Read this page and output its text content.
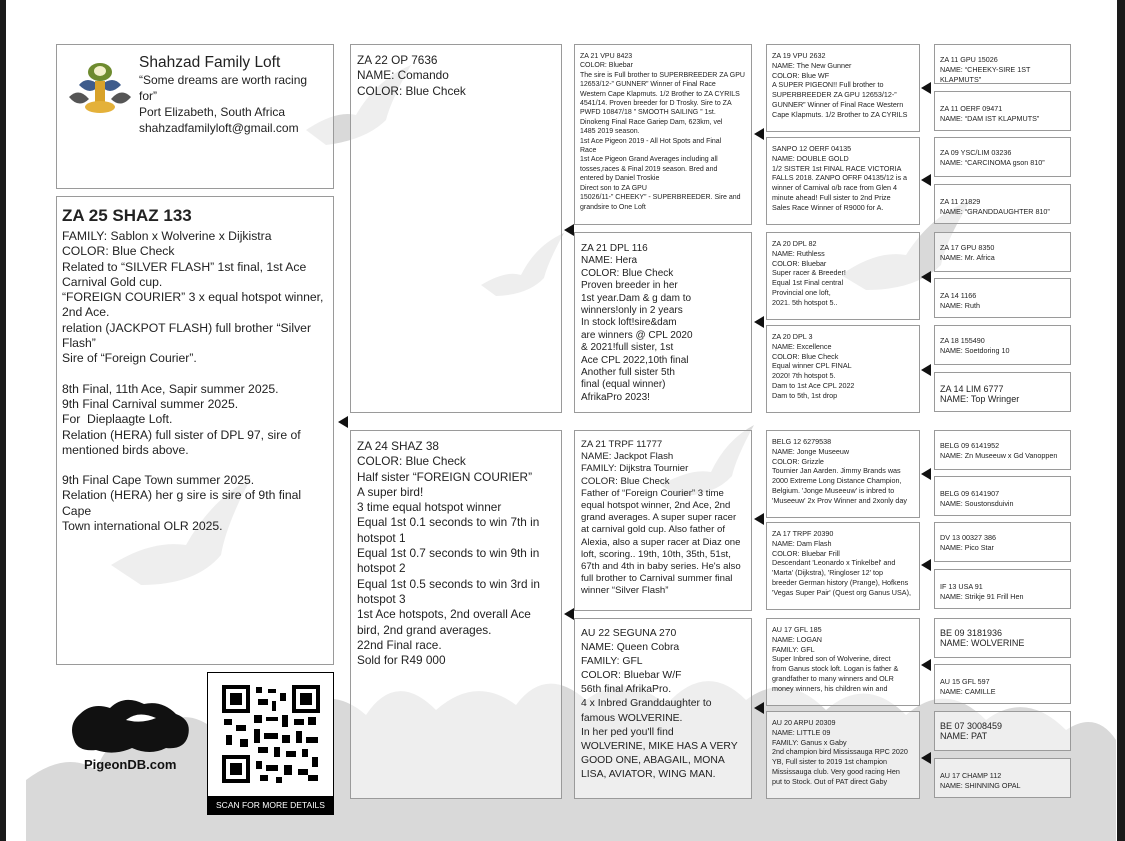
Shahzad Family Loft
“Some dreams are worth racing
for”
Port Elizabeth, South Africa
shahzadfamilyloft@gmail.com
ZA 25 SHAZ 133
FAMILY: Sablon x Wolverine x Dijkistra
COLOR: Blue Check
Related to “SILVER FLASH” 1st final, 1st Ace
Carnival Gold cup.
“FOREIGN COURIER” 3 x equal hotspot winner,
2nd Ace.
relation (JACKPOT FLASH) full brother “Silver
Flash”
Sire of “Foreign Courier”.
8th Final, 11th Ace, Sapir summer 2025.
9th Final Carnival summer 2025.
For  Dieplaagte Loft.
Relation (HERA) full sister of DPL 97, sire of
mentioned birds above.
9th Final Cape Town summer 2025.
Relation (HERA) her g sire is sire of 9th final Cape
Town international OLR 2025.
ZA 22 OP 7636
NAME: Comando
COLOR: Blue Chcek
ZA 24 SHAZ 38
COLOR: Blue Check
Half sister “FOREIGN COURIER”
A super bird!
3 time equal hotspot winner
Equal 1st 0.1 seconds to win 7th in
hotspot 1
Equal 1st 0.7 seconds to win 9th in
hotspot 2
Equal 1st 0.5 seconds to win 3rd in
hotspot 3
1st Ace hotspots, 2nd overall Ace
bird, 2nd grand averages.
22nd Final race.
Sold for R49 000
ZA 21 VPU 8423
COLOR: Bluebar
The sire is Full brother to SUPERBREEDER ZA GPU
12653/12-” GUNNER” Winner of Final Race
Western Cape Klapmuts. 1/2 Brother to ZA CYRILS
4541/14. Proven breeder for D Trosky. Sire to ZA
PWFD 10847/18 ” SMOOTH SAILING ” 1st.
Dinokeng Final Race Gariep Dam, 623km, vel
1485 2019 season.
1st Ace Pigeon 2019 - All Hot Spots and Final
Race
1st Ace Pigeon Grand Averages including all
tosses,races & Final 2019 season. Bred and
entered by Daniel Troskie
Direct son to ZA GPU
15026/11-” CHEEKY” - SUPERBREEDER. Sire and
grandsire to One Loft
ZA 21 DPL 116
NAME: Hera
COLOR: Blue Check
Proven breeder in her
1st year.Dam & g dam to
winners!only in 2 years
In stock loft!sire&dam
are winners @ CPL 2020
& 2021!full sister, 1st
Ace CPL 2022,10th final
Another full sister 5th
final (equal winner)
AfrikaPro 2023!
ZA 21 TRPF 11777
NAME: Jackpot Flash
FAMILY: Dijkstra Tournier
COLOR: Blue Check
Father of “Foreign Courier” 3 time
equal hotspot winner, 2nd Ace, 2nd
grand averages. A super super racer
at carnival gold cup. Also father of
Alexia, also a super racer at Diaz one
loft, scoring.. 19th, 10th, 35th, 51st,
67th and 4th in baby series. He's also
full brother to Carnival summer final
winner “Silver Flash”
AU 22 SEGUNA 270
NAME: Queen Cobra
FAMILY: GFL
COLOR: Bluebar W/F
56th final AfrikaPro.
4 x Inbred Granddaughter to
famous WOLVERINE.
In her ped you'll find
WOLVERINE, MIKE HAS A VERY
GOOD ONE, ABAGAIL, MONA
LISA, AVIATOR, WING MAN.
ZA 19 VPU 2632
NAME: The New Gunner
COLOR: Blue WF
A SUPER PIGEON!! Full brother to
SUPERBREEDER ZA GPU 12653/12-”
GUNNER” Winner of Final Race Western
Cape Klapmuts. 1/2 Brother to ZA CYRILS
SANPO 12 OERF 04135
NAME: DOUBLE GOLD
1/2 SISTER 1st FINAL RACE VICTORIA
FALLS 2018. ZANPO OFRF 04135/12 is a
winner of Carnival o/b race from Glen 4
minute ahead! Full sister to 2nd Prize
Sales Race Winner of R9000 for A.
ZA 20 DPL 82
NAME: Ruthless
COLOR: Bluebar
Super racer & Breeder!
Equal 1st Final central
Provincial one loft,
2021. 5th hotspot 5..
ZA 20 DPL 3
NAME: Excellence
COLOR: Blue Check
Equal winner CPL FINAL
2020! 7th hotspot 5.
Dam to 1st Ace CPL 2022
Dam to 5th, 1st drop
BELG 12 6279538
NAME: Jonge Museeuw
COLOR: Grizzle
Tournier Jan Aarden. Jimmy Brands was
2000 Extreme Long Distance Champion,
Belgium. 'Jonge Museeuw' is inbred to
'Museeuw' 2x Prov Winner and 2xonly day
ZA 17 TRPF 20390
NAME: Dam Flash
COLOR: Bluebar Frill
Descendant 'Leonardo x Tinkelbel' and
'Marta' (Dijkstra), 'Ringloser 12' top
breeder German history (Prange), Hofkens
'Vegas Super Pair' (Quest org Ganus USA),
AU 17 GFL 185
NAME: LOGAN
FAMILY: GFL
Super Inbred son of Wolverine, direct
from Ganus stock loft. Logan is father &
grandfather to many winners and OLR
money winners, his children win and
AU 20 ARPU 20309
NAME: LITTLE 09
FAMILY: Ganus x Gaby
2nd champion bird Mississauga RPC 2020
YB, Full sister to 2019 1st champion
Mississauga club. Very good racing Hen
put to Stock. Out of PAT direct Gaby
ZA 11 GPU 15026
NAME: “CHEEKY-SIRE 1ST KLAPMUTS”
ZA 11 OERF 09471
NAME: “DAM IST KLAPMUTS”
ZA 09 YSC/LIM 03236
NAME: “CARCINOMA gson 810”
ZA 11 21829
NAME: “GRANDDAUGHTER 810”
ZA 17 GPU 8350
NAME: Mr. Africa
ZA 14 1166
NAME: Ruth
ZA 18 155490
NAME: Soetdoring 10
ZA 14 LIM 6777
NAME: Top Wringer
BELG 09 6141952
NAME: Zn Museeuw x Gd Vanoppen
BELG 09 6141907
NAME: Soustonsduivin
DV 13 00327 386
NAME: Pico Star
IF 13 USA 91
NAME: Strikje 91 Frill Hen
BE 09 3181936
NAME: WOLVERINE
AU 15 GFL 597
NAME: CAMILLE
BE 07 3008459
NAME: PAT
AU 17 CHAMP 112
NAME: SHINNING OPAL
PigeonDB.com
SCAN FOR MORE DETAILS
